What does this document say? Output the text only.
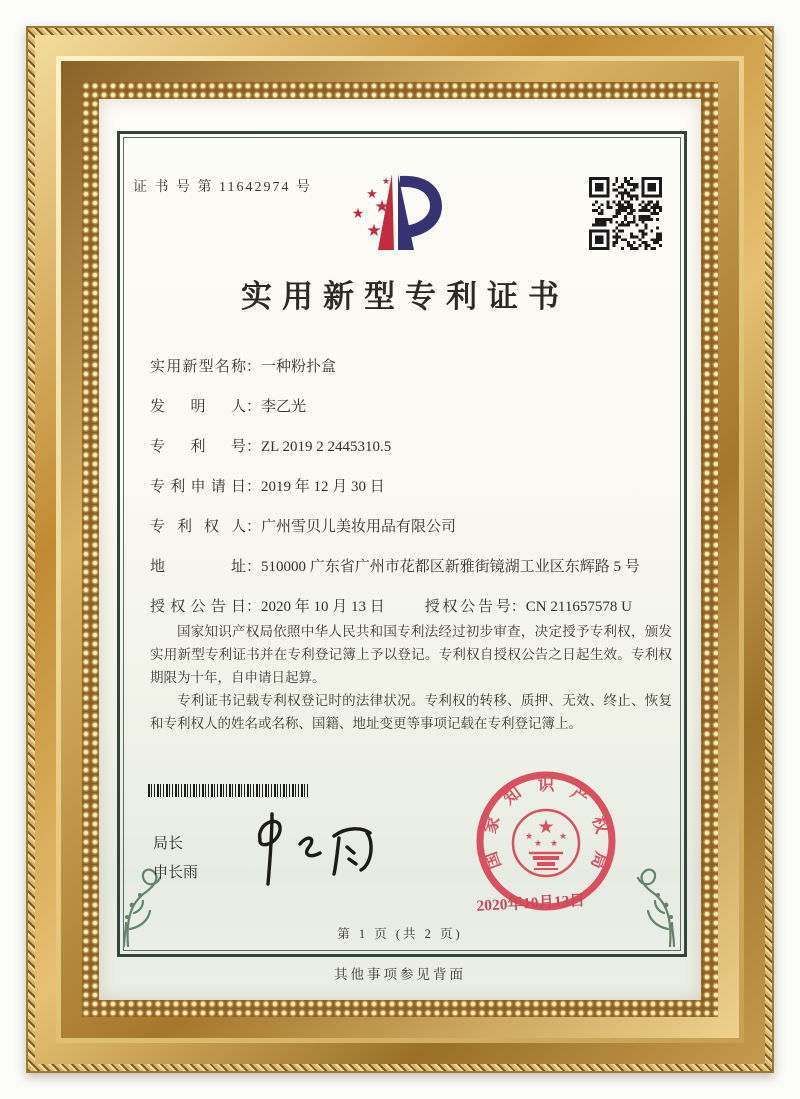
证 书 号 第 11642974 号	★
★
★
★
★
实用新型专利证书
实用新型名称：一种粉扑盒
发明人：李乙光
专利号：ZL 2019 2 2445310.5
专利申请日：2019 年 12 月 30 日
专利权人：广州雪贝儿美妆用品有限公司
地址：510000 广东省广州市花都区新雅街镜湖工业区东辉路 5 号
授权公告日：2020 年 10 月 13 日	授权公告号：CN 211657578 U

国家知识产权局依照中华人民共和国专利法经过初步审查，决定授予专利权，颁发实用新型专利证书并在专利登记簿上予以登记。专利权自授权公告之日起生效。专利权期限为十年，自申请日起算。

专利证书记载专利权登记时的法律状况。专利权的转移、质押、无效、终止、恢复和专利权人的姓名或名称、国籍、地址变更等事项记载在专利登记簿上。

局长
申长雨
国
家
知 识 产
权
局
★
★
★ ★
★
2020年10月13日
第 1 页 (共 2 页)
其他事项参见背面
